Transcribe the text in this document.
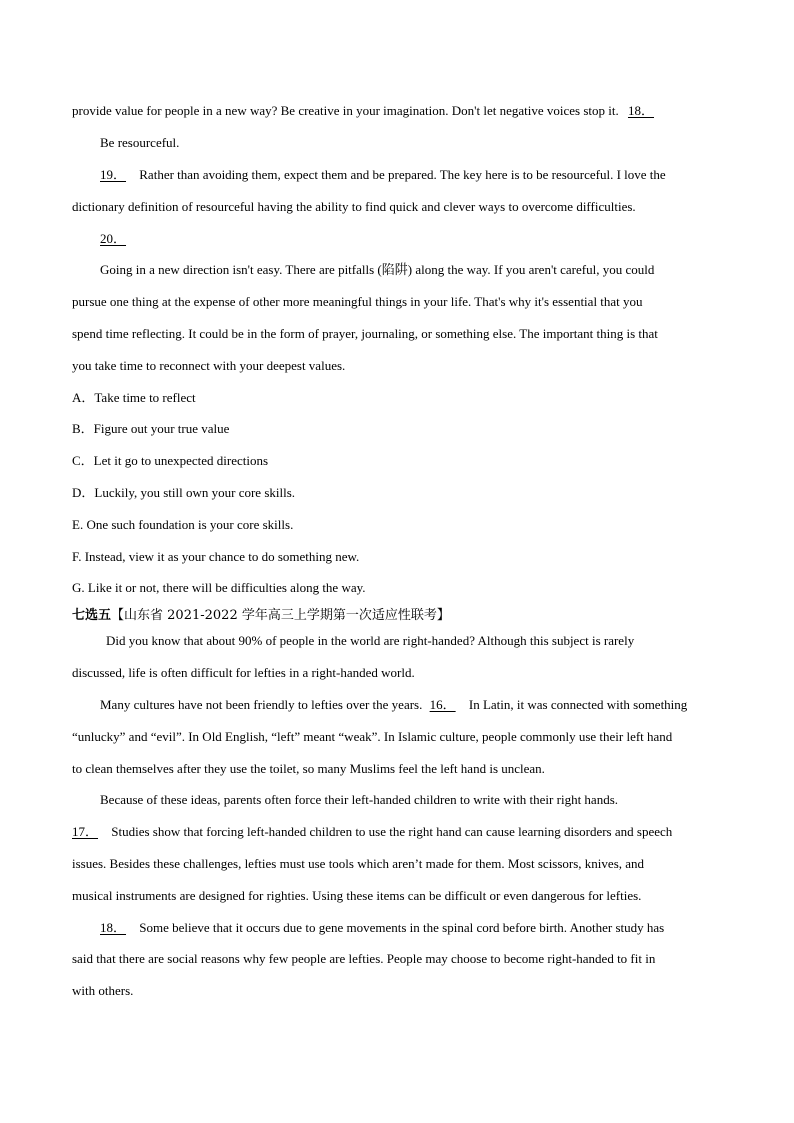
provide value for people in a new way? Be creative in your imagination. Don't let negative voices stop it. 18．
Be resourceful.
19． Rather than avoiding them, expect them and be prepared. The key here is to be resourceful. I love the
dictionary definition of resourceful having the ability to find quick and clever ways to overcome difficulties.
20．
Going in a new direction isn't easy. There are pitfalls (陷阱) along the way. If you aren't careful, you could
pursue one thing at the expense of other more meaningful things in your life. That's why it's essential that you
spend time reflecting. It could be in the form of prayer, journaling, or something else. The important thing is that
you take time to reconnect with your deepest values.
A．Take time to reflect
B．Figure out your true value
C．Let it go to unexpected directions
D．Luckily, you still own your core skills.
E. One such foundation is your core skills.
F. Instead, view it as your chance to do something new.
G. Like it or not, there will be difficulties along the way.
七选五【山东省 2021-2022 学年高三上学期第一次适应性联考】
Did you know that about 90% of people in the world are right-handed? Although this subject is rarely
discussed, life is often difficult for lefties in a right-handed world.
Many cultures have not been friendly to lefties over the years. 16． In Latin, it was connected with something
“unlucky” and “evil”. In Old English, “left” meant “weak”. In Islamic culture, people commonly use their left hand
to clean themselves after they use the toilet, so many Muslims feel the left hand is unclean.
Because of these ideas, parents often force their left-handed children to write with their right hands.
17． Studies show that forcing left-handed children to use the right hand can cause learning disorders and speech
issues. Besides these challenges, lefties must use tools which aren’t made for them. Most scissors, knives, and
musical instruments are designed for righties. Using these items can be difficult or even dangerous for lefties.
18． Some believe that it occurs due to gene movements in the spinal cord before birth. Another study has
said that there are social reasons why few people are lefties. People may choose to become right-handed to fit in
with others.
